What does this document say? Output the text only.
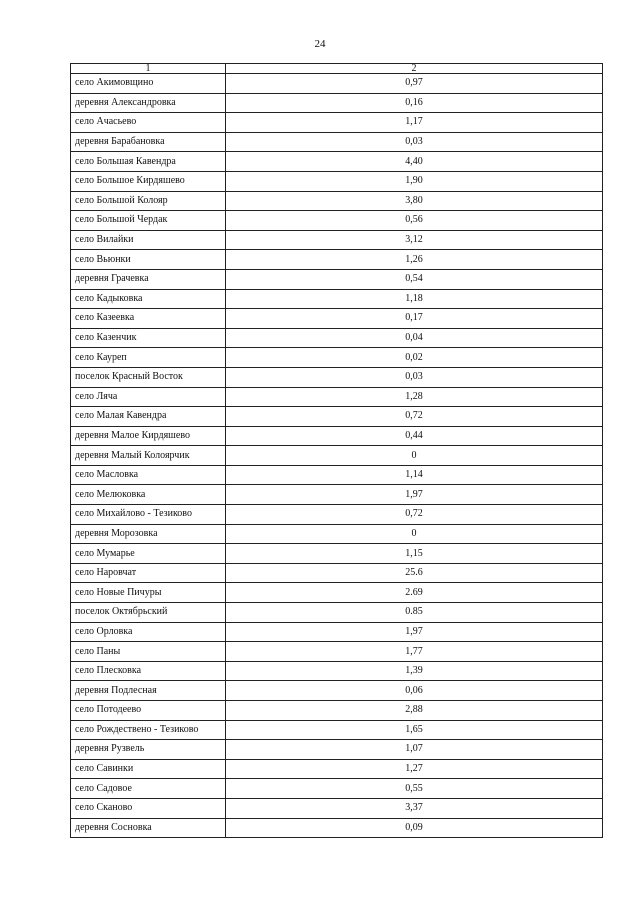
24
1	2
село Акимовщино	0,97
деревня Александровка	0,16
село Ачасьево	1,17
деревня Барабановка	0,03
село Большая Кавендра	4,40
село Большое Кирдяшево	1,90
село Большой Колояр	3,80
село Большой Чердак	0,56
село Вилайки	3,12
село Вьюнки	1,26
деревня Грачевка	0,54
село Кадыковка	1,18
село Казеевка	0,17
село Казенчик	0,04
село Кауреп	0,02
поселок Красный Восток	0,03
село Ляча	1,28
село Малая Кавендра	0,72
деревня Малое Кирдяшево	0,44
деревня Малый Колоярчик	0
село Масловка	1,14
село Мелюковка	1,97
село Михайлово - Тезиково	0,72
деревня Морозовка	0
село Мумарье	1,15
село Наровчат	25.6
село Новые Пичуры	2.69
поселок Октябрьский	0.85
село Орловка	1,97
село Паны	1,77
село Плесковка	1,39
деревня Подлесная	0,06
село Потодеево	2,88
село Рождествено - Тезиково	1,65
деревня Рузвель	1,07
село Савинки	1,27
село Садовое	0,55
село Сканово	3,37
деревня Сосновка	0,09
